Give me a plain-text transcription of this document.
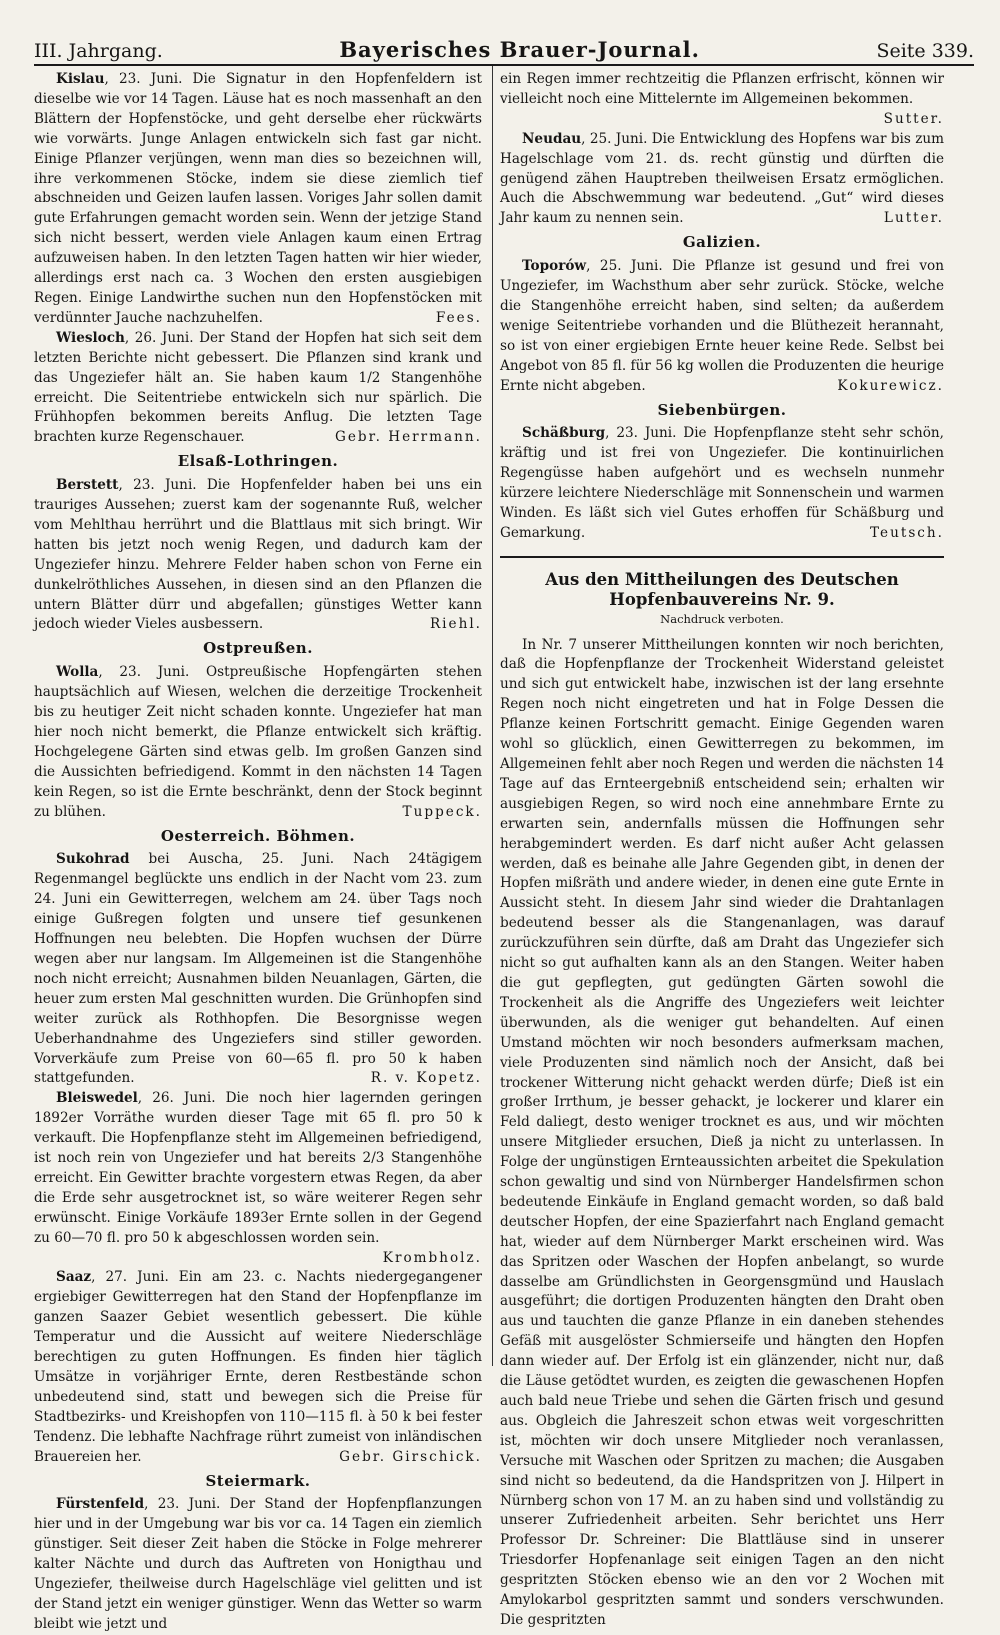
III. Jahrgang.	Bayerisches Brauer-Journal.	Seite 339.

Kislau, 23. Juni. Die Signatur in den Hopfenfeldern ist dieselbe wie vor 14 Tagen. Läuse hat es noch massenhaft an den Blättern der Hopfenstöcke, und geht derselbe eher rückwärts wie vorwärts. Junge Anlagen entwickeln sich fast gar nicht. Einige Pflanzer verjüngen, wenn man dies so bezeichnen will, ihre verkommenen Stöcke, indem sie diese ziemlich tief abschneiden und Geizen laufen lassen. Voriges Jahr sollen damit gute Erfahrungen gemacht worden sein. Wenn der jetzige Stand sich nicht bessert, werden viele Anlagen kaum einen Ertrag aufzuweisen haben. In den letzten Tagen hatten wir hier wieder, allerdings erst nach ca. 3 Wochen den ersten ausgiebigen Regen. Einige Landwirthe suchen nun den Hopfenstöcken mit verdünnter Jauche nachzuhelfen.	Fees.

Wiesloch, 26. Juni. Der Stand der Hopfen hat sich seit dem letzten Berichte nicht gebessert. Die Pflanzen sind krank und das Ungeziefer hält an. Sie haben kaum 1/2 Stangenhöhe erreicht. Die Seitentriebe entwickeln sich nur spärlich. Die Frühhopfen bekommen bereits Anflug. Die letzten Tage brachten kurze Regenschauer.	Gebr. Herrmann.

Elsaß-Lothringen.

Berstett, 23. Juni. Die Hopfenfelder haben bei uns ein trauriges Aussehen; zuerst kam der sogenannte Ruß, welcher vom Mehlthau herrührt und die Blattlaus mit sich bringt. Wir hatten bis jetzt noch wenig Regen, und dadurch kam der Ungeziefer hinzu. Mehrere Felder haben schon von Ferne ein dunkelröthliches Aussehen, in diesen sind an den Pflanzen die untern Blätter dürr und abgefallen; günstiges Wetter kann jedoch wieder Vieles ausbessern.	Riehl.

Ostpreußen.

Wolla, 23. Juni. Ostpreußische Hopfengärten stehen hauptsächlich auf Wiesen, welchen die derzeitige Trockenheit bis zu heutiger Zeit nicht schaden konnte. Ungeziefer hat man hier noch nicht bemerkt, die Pflanze entwickelt sich kräftig. Hochgelegene Gärten sind etwas gelb. Im großen Ganzen sind die Aussichten befriedigend. Kommt in den nächsten 14 Tagen kein Regen, so ist die Ernte beschränkt, denn der Stock beginnt zu blühen.	Tuppeck.

Oesterreich. Böhmen.

Sukohrad bei Auscha, 25. Juni. Nach 24tägigem Regenmangel beglückte uns endlich in der Nacht vom 23. zum 24. Juni ein Gewitterregen, welchem am 24. über Tags noch einige Gußregen folgten und unsere tief gesunkenen Hoffnungen neu belebten. Die Hopfen wuchsen der Dürre wegen aber nur langsam. Im Allgemeinen ist die Stangenhöhe noch nicht erreicht; Ausnahmen bilden Neuanlagen, Gärten, die heuer zum ersten Mal geschnitten wurden. Die Grünhopfen sind weiter zurück als Rothhopfen. Die Besorgnisse wegen Ueberhandnahme des Ungeziefers sind stiller geworden. Vorverkäufe zum Preise von 60—65 fl. pro 50 k haben stattgefunden.	R. v. Kopetz.

Bleiswedel, 26. Juni. Die noch hier lagernden geringen 1892er Vorräthe wurden dieser Tage mit 65 fl. pro 50 k verkauft. Die Hopfenpflanze steht im Allgemeinen befriedigend, ist noch rein von Ungeziefer und hat bereits 2/3 Stangenhöhe erreicht. Ein Gewitter brachte vorgestern etwas Regen, da aber die Erde sehr ausgetrocknet ist, so wäre weiterer Regen sehr erwünscht. Einige Vorkäufe 1893er Ernte sollen in der Gegend zu 60—70 fl. pro 50 k abgeschlossen worden sein.
Krombholz.

Saaz, 27. Juni. Ein am 23. c. Nachts niedergegangener ergiebiger Gewitterregen hat den Stand der Hopfenpflanze im ganzen Saazer Gebiet wesentlich gebessert. Die kühle Temperatur und die Aussicht auf weitere Niederschläge berechtigen zu guten Hoffnungen. Es finden hier täglich Umsätze in vorjähriger Ernte, deren Restbestände schon unbedeutend sind, statt und bewegen sich die Preise für Stadtbezirks- und Kreishopfen von 110—115 fl. à 50 k bei fester Tendenz. Die lebhafte Nachfrage rührt zumeist von inländischen Brauereien her.	Gebr. Girschick.

Steiermark.

Fürstenfeld, 23. Juni. Der Stand der Hopfenpflanzungen hier und in der Umgebung war bis vor ca. 14 Tagen ein ziemlich günstiger. Seit dieser Zeit haben die Stöcke in Folge mehrerer kalter Nächte und durch das Auftreten von Honigthau und Ungeziefer, theilweise durch Hagelschläge viel gelitten und ist der Stand jetzt ein weniger günstiger. Wenn das Wetter so warm bleibt wie jetzt und

ein Regen immer rechtzeitig die Pflanzen erfrischt, können wir vielleicht noch eine Mittelernte im Allgemeinen bekommen.
Sutter.

Neudau, 25. Juni. Die Entwicklung des Hopfens war bis zum Hagelschlage vom 21. ds. recht günstig und dürften die genügend zähen Hauptreben theilweisen Ersatz ermöglichen. Auch die Abschwemmung war bedeutend. „Gut“ wird dieses Jahr kaum zu nennen sein.	Lutter.

Galizien.

Toporów, 25. Juni. Die Pflanze ist gesund und frei von Ungeziefer, im Wachsthum aber sehr zurück. Stöcke, welche die Stangenhöhe erreicht haben, sind selten; da außerdem wenige Seitentriebe vorhanden und die Blüthezeit herannaht, so ist von einer ergiebigen Ernte heuer keine Rede. Selbst bei Angebot von 85 fl. für 56 kg wollen die Produzenten die heurige Ernte nicht abgeben.	Kokurewicz.

Siebenbürgen.

Schäßburg, 23. Juni. Die Hopfenpflanze steht sehr schön, kräftig und ist frei von Ungeziefer. Die kontinuirlichen Regengüsse haben aufgehört und es wechseln nunmehr kürzere leichtere Niederschläge mit Sonnenschein und warmen Winden. Es läßt sich viel Gutes erhoffen für Schäßburg und Gemarkung.	Teutsch.

Aus den Mittheilungen des Deutschen Hopfenbauvereins Nr. 9.
Nachdruck verboten.

In Nr. 7 unserer Mittheilungen konnten wir noch berichten, daß die Hopfenpflanze der Trockenheit Widerstand geleistet und sich gut entwickelt habe, inzwischen ist der lang ersehnte Regen noch nicht eingetreten und hat in Folge Dessen die Pflanze keinen Fortschritt gemacht. Einige Gegenden waren wohl so glücklich, einen Gewitterregen zu bekommen, im Allgemeinen fehlt aber noch Regen und werden die nächsten 14 Tage auf das Ernteergebniß entscheidend sein; erhalten wir ausgiebigen Regen, so wird noch eine annehmbare Ernte zu erwarten sein, andernfalls müssen die Hoffnungen sehr herabgemindert werden. Es darf nicht außer Acht gelassen werden, daß es beinahe alle Jahre Gegenden gibt, in denen der Hopfen mißräth und andere wieder, in denen eine gute Ernte in Aussicht steht. In diesem Jahr sind wieder die Drahtanlagen bedeutend besser als die Stangenanlagen, was darauf zurückzuführen sein dürfte, daß am Draht das Ungeziefer sich nicht so gut aufhalten kann als an den Stangen. Weiter haben die gut gepflegten, gut gedüngten Gärten sowohl die Trockenheit als die Angriffe des Ungeziefers weit leichter überwunden, als die weniger gut behandelten. Auf einen Umstand möchten wir noch besonders aufmerksam machen, viele Produzenten sind nämlich noch der Ansicht, daß bei trockener Witterung nicht gehackt werden dürfe; Dieß ist ein großer Irrthum, je besser gehackt, je lockerer und klarer ein Feld daliegt, desto weniger trocknet es aus, und wir möchten unsere Mitglieder ersuchen, Dieß ja nicht zu unterlassen. In Folge der ungünstigen Ernteaussichten arbeitet die Spekulation schon gewaltig und sind von Nürnberger Handelsfirmen schon bedeutende Einkäufe in England gemacht worden, so daß bald deutscher Hopfen, der eine Spazierfahrt nach England gemacht hat, wieder auf dem Nürnberger Markt erscheinen wird. Was das Spritzen oder Waschen der Hopfen anbelangt, so wurde dasselbe am Gründlichsten in Georgensgmünd und Hauslach ausgeführt; die dortigen Produzenten hängten den Draht oben aus und tauchten die ganze Pflanze in ein daneben stehendes Gefäß mit ausgelöster Schmierseife und hängten den Hopfen dann wieder auf. Der Erfolg ist ein glänzender, nicht nur, daß die Läuse getödtet wurden, es zeigten die gewaschenen Hopfen auch bald neue Triebe und sehen die Gärten frisch und gesund aus. Obgleich die Jahreszeit schon etwas weit vorgeschritten ist, möchten wir doch unsere Mitglieder noch veranlassen, Versuche mit Waschen oder Spritzen zu machen; die Ausgaben sind nicht so bedeutend, da die Handspritzen von J. Hilpert in Nürnberg schon von 17 M. an zu haben sind und vollständig zu unserer Zufriedenheit arbeiten. Sehr berichtet uns Herr Professor Dr. Schreiner: Die Blattläuse sind in unserer Triesdorfer Hopfenanlage seit einigen Tagen an den nicht gespritzten Stöcken ebenso wie an den vor 2 Wochen mit Amylokarbol gespritzten sammt und sonders verschwunden. Die gespritzten
